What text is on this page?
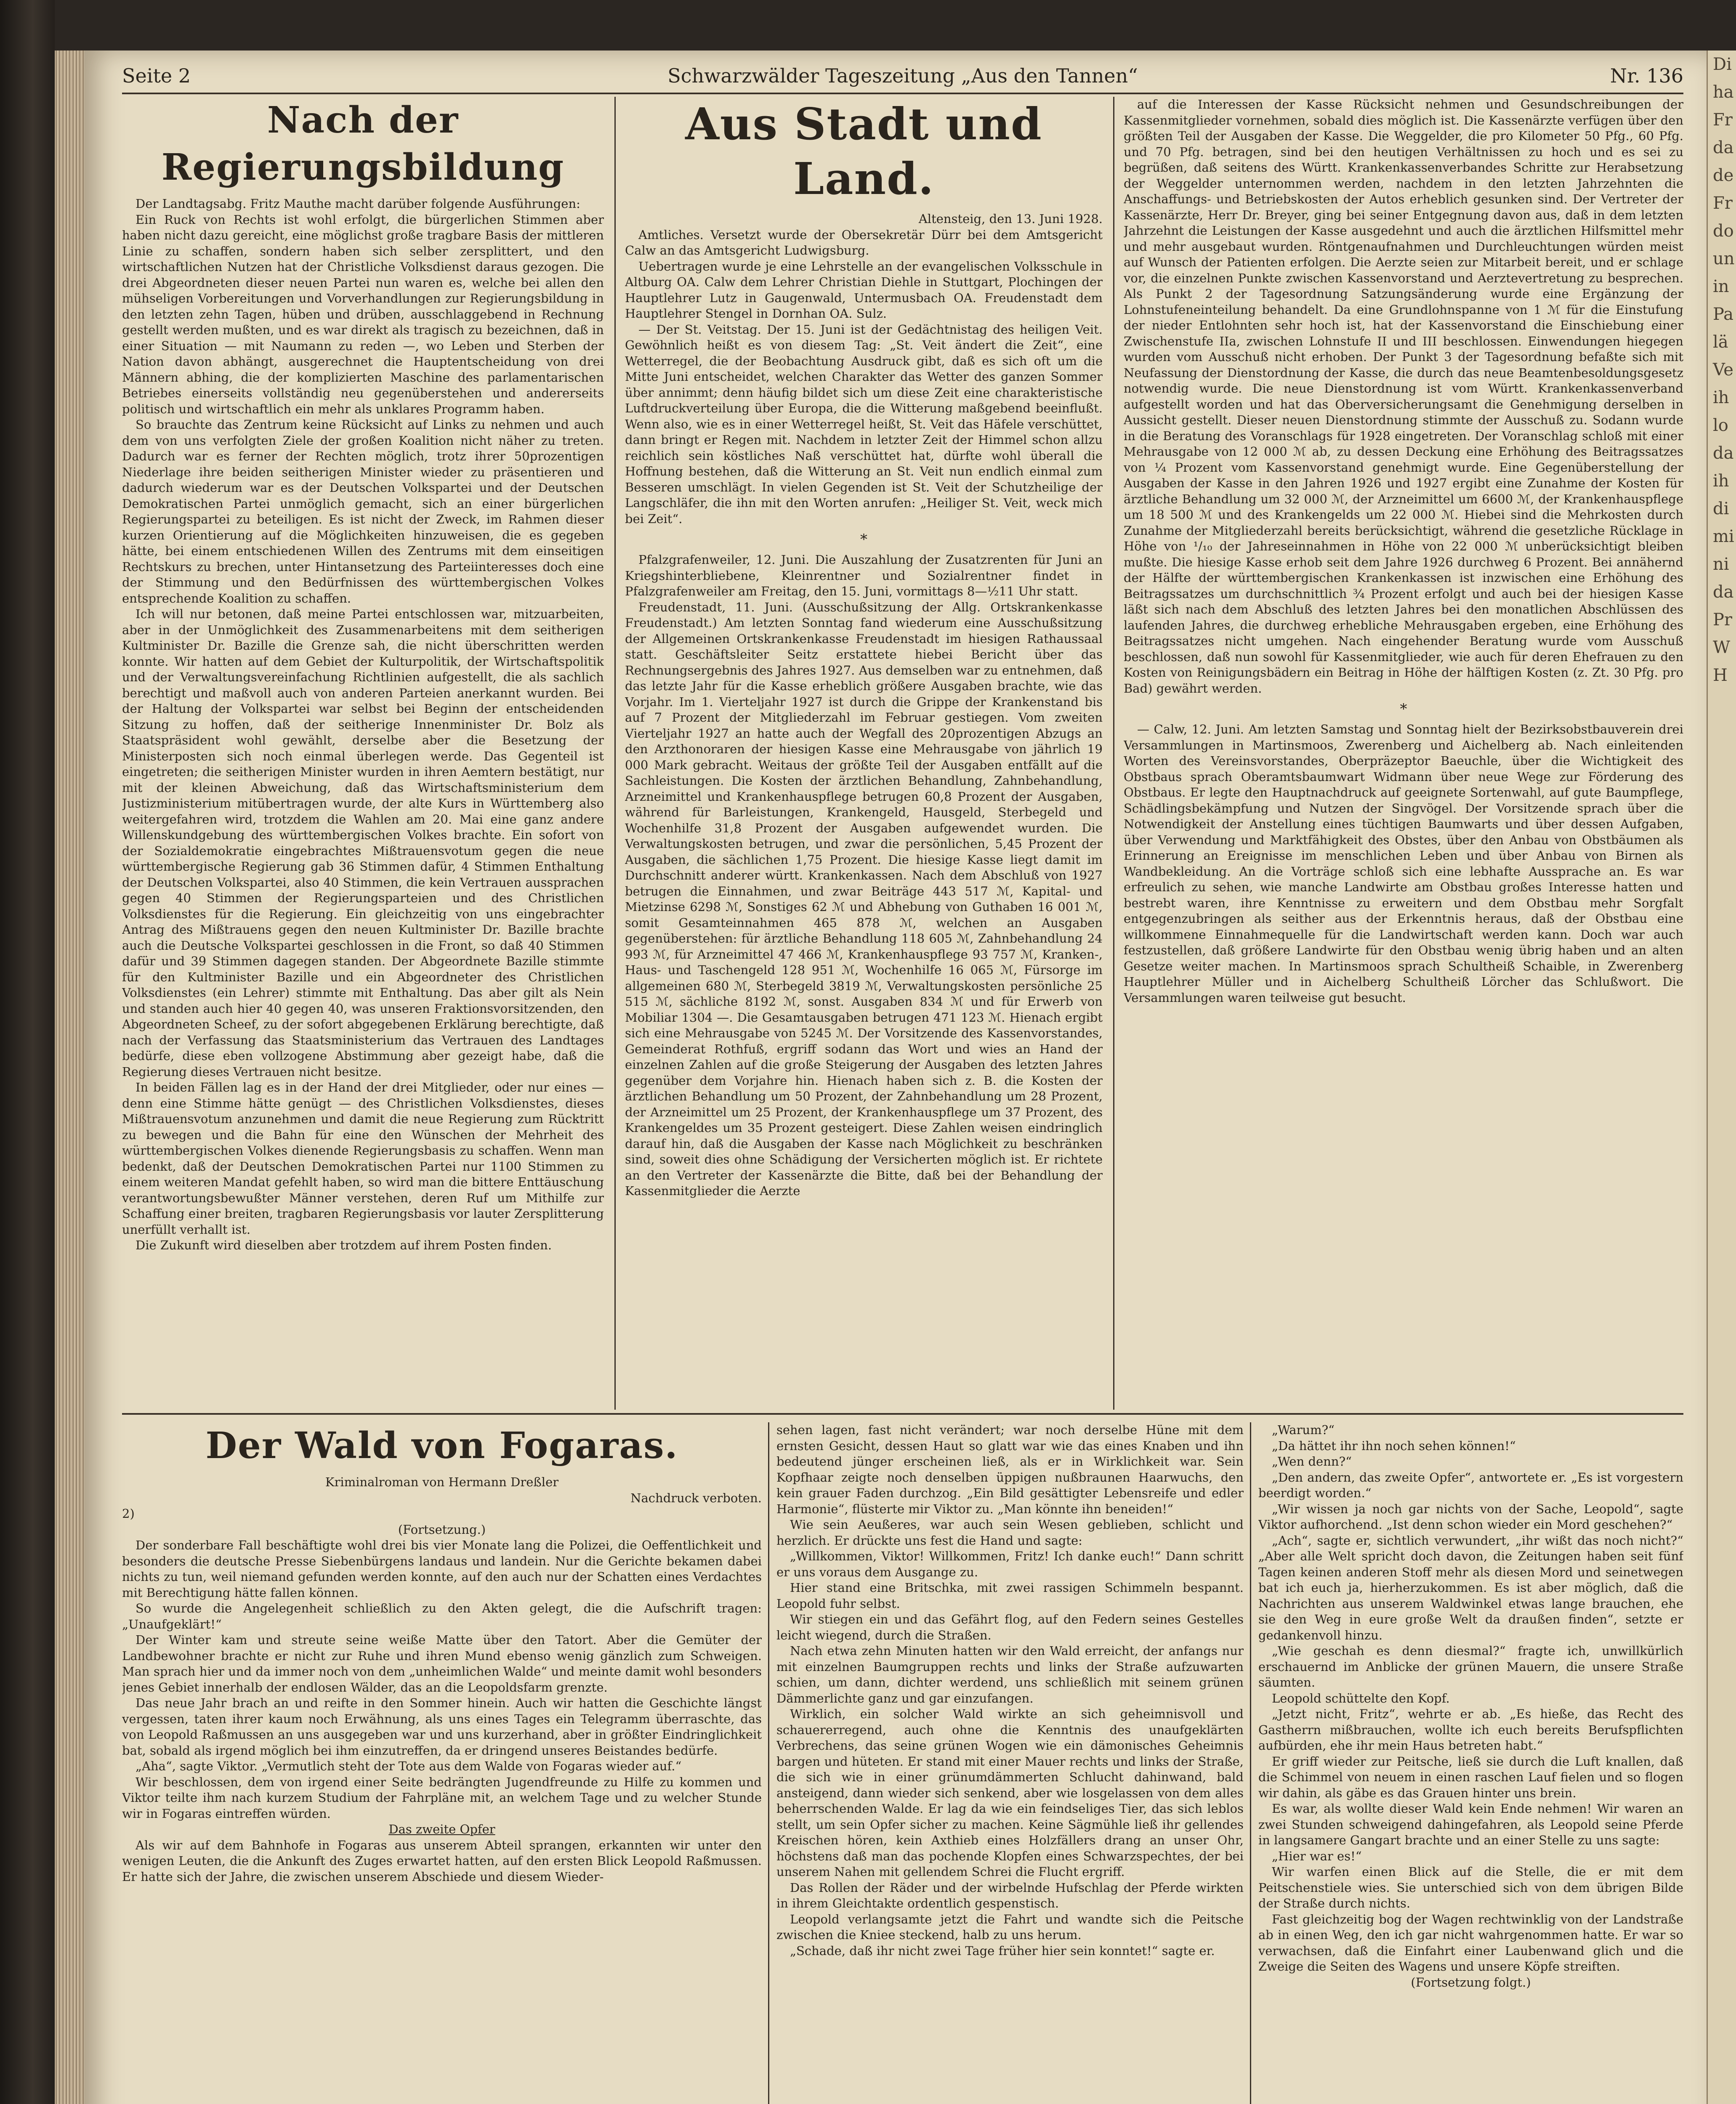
Seite 2	Schwarzwälder Tageszeitung „Aus den Tannen“	Nr. 136
Nach der Regierungsbildung

Der Landtagsabg. Fritz Mauthe macht darüber folgende Ausführungen:

Ein Ruck von Rechts ist wohl erfolgt, die bürgerlichen Stimmen aber haben nicht dazu gereicht, eine möglichst große tragbare Basis der mittleren Linie zu schaffen, sondern haben sich selber zersplittert, und den wirtschaftlichen Nutzen hat der Christliche Volksdienst daraus gezogen. Die drei Abgeordneten dieser neuen Partei nun waren es, welche bei allen den mühseligen Vorbereitungen und Vorverhandlungen zur Regierungsbildung in den letzten zehn Tagen, hüben und drüben, ausschlaggebend in Rechnung gestellt werden mußten, und es war direkt als tragisch zu bezeichnen, daß in einer Situation — mit Naumann zu reden —, wo Leben und Sterben der Nation davon abhängt, ausgerechnet die Hauptentscheidung von drei Männern abhing, die der komplizierten Maschine des parlamentarischen Betriebes einerseits vollständig neu gegenüberstehen und andererseits politisch und wirtschaftlich ein mehr als unklares Programm haben.

So brauchte das Zentrum keine Rücksicht auf Links zu nehmen und auch dem von uns verfolgten Ziele der großen Koalition nicht näher zu treten. Dadurch war es ferner der Rechten möglich, trotz ihrer 50prozentigen Niederlage ihre beiden seitherigen Minister wieder zu präsentieren und dadurch wiederum war es der Deutschen Volkspartei und der Deutschen Demokratischen Partei unmöglich gemacht, sich an einer bürgerlichen Regierungspartei zu beteiligen. Es ist nicht der Zweck, im Rahmen dieser kurzen Orientierung auf die Möglichkeiten hinzuweisen, die es gegeben hätte, bei einem entschiedenen Willen des Zentrums mit dem einseitigen Rechtskurs zu brechen, unter Hintansetzung des Parteiinteresses doch eine der Stimmung und den Bedürfnissen des württembergischen Volkes entsprechende Koalition zu schaffen.

Ich will nur betonen, daß meine Partei entschlossen war, mitzuarbeiten, aber in der Unmöglichkeit des Zusammenarbeitens mit dem seitherigen Kultminister Dr. Bazille die Grenze sah, die nicht überschritten werden konnte. Wir hatten auf dem Gebiet der Kulturpolitik, der Wirtschaftspolitik und der Verwaltungsvereinfachung Richtlinien aufgestellt, die als sachlich berechtigt und maßvoll auch von anderen Parteien anerkannt wurden. Bei der Haltung der Volkspartei war selbst bei Beginn der entscheidenden Sitzung zu hoffen, daß der seitherige Innenminister Dr. Bolz als Staatspräsident wohl gewählt, derselbe aber die Besetzung der Ministerposten sich noch einmal überlegen werde. Das Gegenteil ist eingetreten; die seitherigen Minister wurden in ihren Aemtern bestätigt, nur mit der kleinen Abweichung, daß das Wirtschaftsministerium dem Justizministerium mitübertragen wurde, der alte Kurs in Württemberg also weitergefahren wird, trotzdem die Wahlen am 20. Mai eine ganz andere Willenskundgebung des württembergischen Volkes brachte. Ein sofort von der Sozialdemokratie eingebrachtes Mißtrauensvotum gegen die neue württembergische Regierung gab 36 Stimmen dafür, 4 Stimmen Enthaltung der Deutschen Volkspartei, also 40 Stimmen, die kein Vertrauen aussprachen gegen 40 Stimmen der Regierungsparteien und des Christlichen Volksdienstes für die Regierung. Ein gleichzeitig von uns eingebrachter Antrag des Mißtrauens gegen den neuen Kultminister Dr. Bazille brachte auch die Deutsche Volkspartei geschlossen in die Front, so daß 40 Stimmen dafür und 39 Stimmen dagegen standen. Der Abgeordnete Bazille stimmte für den Kultminister Bazille und ein Abgeordneter des Christlichen Volksdienstes (ein Lehrer) stimmte mit Enthaltung. Das aber gilt als Nein und standen auch hier 40 gegen 40, was unseren Fraktionsvorsitzenden, den Abgeordneten Scheef, zu der sofort abgegebenen Erklärung berechtigte, daß nach der Verfassung das Staatsministerium das Vertrauen des Landtages bedürfe, diese eben vollzogene Abstimmung aber gezeigt habe, daß die Regierung dieses Vertrauen nicht besitze.

In beiden Fällen lag es in der Hand der drei Mitglieder, oder nur eines — denn eine Stimme hätte genügt — des Christlichen Volksdienstes, dieses Mißtrauensvotum anzunehmen und damit die neue Regierung zum Rücktritt zu bewegen und die Bahn für eine den Wünschen der Mehrheit des württembergischen Volkes dienende Regierungsbasis zu schaffen. Wenn man bedenkt, daß der Deutschen Demokratischen Partei nur 1100 Stimmen zu einem weiteren Mandat gefehlt haben, so wird man die bittere Enttäuschung verantwortungsbewußter Männer verstehen, deren Ruf um Mithilfe zur Schaffung einer breiten, tragbaren Regierungsbasis vor lauter Zersplitterung unerfüllt verhallt ist.

Die Zukunft wird dieselben aber trotzdem auf ihrem Posten finden.

Aus Stadt und Land.

Altensteig, den 13. Juni 1928.

Amtliches. Versetzt wurde der Obersekretär Dürr bei dem Amtsgericht Calw an das Amtsgericht Ludwigsburg.

Uebertragen wurde je eine Lehrstelle an der evangelischen Volksschule in Altburg OA. Calw dem Lehrer Christian Diehle in Stuttgart, Plochingen der Hauptlehrer Lutz in Gaugenwald, Untermusbach OA. Freudenstadt dem Hauptlehrer Stengel in Dornhan OA. Sulz.

— Der St. Veitstag. Der 15. Juni ist der Gedächtnistag des heiligen Veit. Gewöhnlich heißt es von diesem Tag: „St. Veit ändert die Zeit“, eine Wetterregel, die der Beobachtung Ausdruck gibt, daß es sich oft um die Mitte Juni entscheidet, welchen Charakter das Wetter des ganzen Sommer über annimmt; denn häufig bildet sich um diese Zeit eine charakteristische Luftdruckverteilung über Europa, die die Witterung maßgebend beeinflußt. Wenn also, wie es in einer Wetterregel heißt, St. Veit das Häfele verschüttet, dann bringt er Regen mit. Nachdem in letzter Zeit der Himmel schon allzu reichlich sein köstliches Naß verschüttet hat, dürfte wohl überall die Hoffnung bestehen, daß die Witterung an St. Veit nun endlich einmal zum Besseren umschlägt. In vielen Gegenden ist St. Veit der Schutzheilige der Langschläfer, die ihn mit den Worten anrufen: „Heiliger St. Veit, weck mich bei Zeit“.

*

Pfalzgrafenweiler, 12. Juni. Die Auszahlung der Zusatzrenten für Juni an Kriegshinterbliebene, Kleinrentner und Sozialrentner findet in Pfalzgrafenweiler am Freitag, den 15. Juni, vormittags 8—½11 Uhr statt.

Freudenstadt, 11. Juni. (Ausschußsitzung der Allg. Ortskrankenkasse Freudenstadt.) Am letzten Sonntag fand wiederum eine Ausschußsitzung der Allgemeinen Ortskrankenkasse Freudenstadt im hiesigen Rathaussaal statt. Geschäftsleiter Seitz erstattete hiebei Bericht über das Rechnungsergebnis des Jahres 1927. Aus demselben war zu entnehmen, daß das letzte Jahr für die Kasse erheblich größere Ausgaben brachte, wie das Vorjahr. Im 1. Vierteljahr 1927 ist durch die Grippe der Krankenstand bis auf 7 Prozent der Mitgliederzahl im Februar gestiegen. Vom zweiten Vierteljahr 1927 an hatte auch der Wegfall des 20prozentigen Abzugs an den Arzthonoraren der hiesigen Kasse eine Mehrausgabe von jährlich 19 000 Mark gebracht. Weitaus der größte Teil der Ausgaben entfällt auf die Sachleistungen. Die Kosten der ärztlichen Behandlung, Zahnbehandlung, Arzneimittel und Krankenhauspflege betrugen 60,8 Prozent der Ausgaben, während für Barleistungen, Krankengeld, Hausgeld, Sterbegeld und Wochenhilfe 31,8 Prozent der Ausgaben aufgewendet wurden. Die Verwaltungskosten betrugen, und zwar die persönlichen, 5,45 Prozent der Ausgaben, die sächlichen 1,75 Prozent. Die hiesige Kasse liegt damit im Durchschnitt anderer württ. Krankenkassen. Nach dem Abschluß von 1927 betrugen die Einnahmen, und zwar Beiträge 443 517 ℳ, Kapital- und Mietzinse 6298 ℳ, Sonstiges 62 ℳ und Abhebung von Guthaben 16 001 ℳ, somit Gesamteinnahmen 465 878 ℳ, welchen an Ausgaben gegenüberstehen: für ärztliche Behandlung 118 605 ℳ, Zahnbehandlung 24 993 ℳ, für Arzneimittel 47 466 ℳ, Krankenhauspflege 93 757 ℳ, Kranken-, Haus- und Taschengeld 128 951 ℳ, Wochenhilfe 16 065 ℳ, Fürsorge im allgemeinen 680 ℳ, Sterbegeld 3819 ℳ, Verwaltungskosten persönliche 25 515 ℳ, sächliche 8192 ℳ, sonst. Ausgaben 834 ℳ und für Erwerb von Mobiliar 1304 —. Die Gesamtausgaben betrugen 471 123 ℳ. Hienach ergibt sich eine Mehrausgabe von 5245 ℳ. Der Vorsitzende des Kassenvorstandes, Gemeinderat Rothfuß, ergriff sodann das Wort und wies an Hand der einzelnen Zahlen auf die große Steigerung der Ausgaben des letzten Jahres gegenüber dem Vorjahre hin. Hienach haben sich z. B. die Kosten der ärztlichen Behandlung um 50 Prozent, der Zahnbehandlung um 28 Prozent, der Arzneimittel um 25 Prozent, der Krankenhauspflege um 37 Prozent, des Krankengeldes um 35 Prozent gesteigert. Diese Zahlen weisen eindringlich darauf hin, daß die Ausgaben der Kasse nach Möglichkeit zu beschränken sind, soweit dies ohne Schädigung der Versicherten möglich ist. Er richtete an den Vertreter der Kassenärzte die Bitte, daß bei der Behandlung der Kassenmitglieder die Aerzte

auf die Interessen der Kasse Rücksicht nehmen und Gesundschreibungen der Kassenmitglieder vornehmen, sobald dies möglich ist. Die Kassenärzte verfügen über den größten Teil der Ausgaben der Kasse. Die Weggelder, die pro Kilometer 50 Pfg., 60 Pfg. und 70 Pfg. betragen, sind bei den heutigen Verhältnissen zu hoch und es sei zu begrüßen, daß seitens des Württ. Krankenkassenverbandes Schritte zur Herabsetzung der Weggelder unternommen werden, nachdem in den letzten Jahrzehnten die Anschaffungs- und Betriebskosten der Autos erheblich gesunken sind. Der Vertreter der Kassenärzte, Herr Dr. Breyer, ging bei seiner Entgegnung davon aus, daß in dem letzten Jahrzehnt die Leistungen der Kasse ausgedehnt und auch die ärztlichen Hilfsmittel mehr und mehr ausgebaut wurden. Röntgenaufnahmen und Durchleuchtungen würden meist auf Wunsch der Patienten erfolgen. Die Aerzte seien zur Mitarbeit bereit, und er schlage vor, die einzelnen Punkte zwischen Kassenvorstand und Aerztevertretung zu besprechen. Als Punkt 2 der Tagesordnung Satzungsänderung wurde eine Ergänzung der Lohnstufeneinteilung behandelt. Da eine Grundlohnspanne von 1 ℳ für die Einstufung der nieder Entlohnten sehr hoch ist, hat der Kassenvorstand die Einschiebung einer Zwischenstufe IIa, zwischen Lohnstufe II und III beschlossen. Einwendungen hiegegen wurden vom Ausschuß nicht erhoben. Der Punkt 3 der Tagesordnung befaßte sich mit Neufassung der Dienstordnung der Kasse, die durch das neue Beamtenbesoldungsgesetz notwendig wurde. Die neue Dienstordnung ist vom Württ. Krankenkassenverband aufgestellt worden und hat das Oberversicherungsamt die Genehmigung derselben in Aussicht gestellt. Dieser neuen Dienstordnung stimmte der Ausschuß zu. Sodann wurde in die Beratung des Voranschlags für 1928 eingetreten. Der Voranschlag schloß mit einer Mehrausgabe von 12 000 ℳ ab, zu dessen Deckung eine Erhöhung des Beitragssatzes von ¼ Prozent vom Kassenvorstand genehmigt wurde. Eine Gegenüberstellung der Ausgaben der Kasse in den Jahren 1926 und 1927 ergibt eine Zunahme der Kosten für ärztliche Behandlung um 32 000 ℳ, der Arzneimittel um 6600 ℳ, der Krankenhauspflege um 18 500 ℳ und des Krankengelds um 22 000 ℳ. Hiebei sind die Mehrkosten durch Zunahme der Mitgliederzahl bereits berücksichtigt, während die gesetzliche Rücklage in Höhe von ¹/₁₀ der Jahreseinnahmen in Höhe von 22 000 ℳ unberücksichtigt bleiben mußte. Die hiesige Kasse erhob seit dem Jahre 1926 durchweg 6 Prozent. Bei annähernd der Hälfte der württembergischen Krankenkassen ist inzwischen eine Erhöhung des Beitragssatzes um durchschnittlich ¾ Prozent erfolgt und auch bei der hiesigen Kasse läßt sich nach dem Abschluß des letzten Jahres bei den monatlichen Abschlüssen des laufenden Jahres, die durchweg erhebliche Mehrausgaben ergeben, eine Erhöhung des Beitragssatzes nicht umgehen. Nach eingehender Beratung wurde vom Ausschuß beschlossen, daß nun sowohl für Kassenmitglieder, wie auch für deren Ehefrauen zu den Kosten von Reinigungsbädern ein Beitrag in Höhe der hälftigen Kosten (z. Zt. 30 Pfg. pro Bad) gewährt werden.

*

— Calw, 12. Juni. Am letzten Samstag und Sonntag hielt der Bezirksobstbauverein drei Versammlungen in Martinsmoos, Zwerenberg und Aichelberg ab. Nach einleitenden Worten des Vereinsvorstandes, Oberpräzeptor Baeuchle, über die Wichtigkeit des Obstbaus sprach Oberamtsbaumwart Widmann über neue Wege zur Förderung des Obstbaus. Er legte den Hauptnachdruck auf geeignete Sortenwahl, auf gute Baumpflege, Schädlingsbekämpfung und Nutzen der Singvögel. Der Vorsitzende sprach über die Notwendigkeit der Anstellung eines tüchtigen Baumwarts und über dessen Aufgaben, über Verwendung und Marktfähigkeit des Obstes, über den Anbau von Obstbäumen als Erinnerung an Ereignisse im menschlichen Leben und über Anbau von Birnen als Wandbekleidung. An die Vorträge schloß sich eine lebhafte Aussprache an. Es war erfreulich zu sehen, wie manche Landwirte am Obstbau großes Interesse hatten und bestrebt waren, ihre Kenntnisse zu erweitern und dem Obstbau mehr Sorgfalt entgegenzubringen als seither aus der Erkenntnis heraus, daß der Obstbau eine willkommene Einnahmequelle für die Landwirtschaft werden kann. Doch war auch festzustellen, daß größere Landwirte für den Obstbau wenig übrig haben und an alten Gesetze weiter machen. In Martinsmoos sprach Schultheiß Schaible, in Zwerenberg Hauptlehrer Müller und in Aichelberg Schultheiß Lörcher das Schlußwort. Die Versammlungen waren teilweise gut besucht.

Der Wald von Fogaras.

Kriminalroman von Hermann Dreßler

Nachdruck verboten.

2)

(Fortsetzung.)

Der sonderbare Fall beschäftigte wohl drei bis vier Monate lang die Polizei, die Oeffentlichkeit und besonders die deutsche Presse Siebenbürgens landaus und landein. Nur die Gerichte bekamen dabei nichts zu tun, weil niemand gefunden werden konnte, auf den auch nur der Schatten eines Verdachtes mit Berechtigung hätte fallen können.

So wurde die Angelegenheit schließlich zu den Akten gelegt, die die Aufschrift tragen: „Unaufgeklärt!“

Der Winter kam und streute seine weiße Matte über den Tatort. Aber die Gemüter der Landbewohner brachte er nicht zur Ruhe und ihren Mund ebenso wenig gänzlich zum Schweigen. Man sprach hier und da immer noch von dem „unheimlichen Walde“ und meinte damit wohl besonders jenes Gebiet innerhalb der endlosen Wälder, das an die Leopoldsfarm grenzte.

Das neue Jahr brach an und reifte in den Sommer hinein. Auch wir hatten die Geschichte längst vergessen, taten ihrer kaum noch Erwähnung, als uns eines Tages ein Telegramm überraschte, das von Leopold Raßmussen an uns ausgegeben war und uns kurzerhand, aber in größter Eindringlichkeit bat, sobald als irgend möglich bei ihm einzutreffen, da er dringend unseres Beistandes bedürfe.

„Aha“, sagte Viktor. „Vermutlich steht der Tote aus dem Walde von Fogaras wieder auf.“

Wir beschlossen, dem von irgend einer Seite bedrängten Jugendfreunde zu Hilfe zu kommen und Viktor teilte ihm nach kurzem Studium der Fahrpläne mit, an welchem Tage und zu welcher Stunde wir in Fogaras eintreffen würden.

Das zweite Opfer

Als wir auf dem Bahnhofe in Fogaras aus unserem Abteil sprangen, erkannten wir unter den wenigen Leuten, die die Ankunft des Zuges erwartet hatten, auf den ersten Blick Leopold Raßmussen. Er hatte sich der Jahre, die zwischen unserem Abschiede und diesem Wieder-

sehen lagen, fast nicht verändert; war noch derselbe Hüne mit dem ernsten Gesicht, dessen Haut so glatt war wie das eines Knaben und ihn bedeutend jünger erscheinen ließ, als er in Wirklichkeit war. Sein Kopfhaar zeigte noch denselben üppigen nußbraunen Haarwuchs, den kein grauer Faden durchzog. „Ein Bild gesättigter Lebensreife und edler Harmonie“, flüsterte mir Viktor zu. „Man könnte ihn beneiden!“

Wie sein Aeußeres, war auch sein Wesen geblieben, schlicht und herzlich. Er drückte uns fest die Hand und sagte:

„Willkommen, Viktor! Willkommen, Fritz! Ich danke euch!“ Dann schritt er uns voraus dem Ausgange zu.

Hier stand eine Britschka, mit zwei rassigen Schimmeln bespannt. Leopold fuhr selbst.

Wir stiegen ein und das Gefährt flog, auf den Federn seines Gestelles leicht wiegend, durch die Straßen.

Nach etwa zehn Minuten hatten wir den Wald erreicht, der anfangs nur mit einzelnen Baumgruppen rechts und links der Straße aufzuwarten schien, um dann, dichter werdend, uns schließlich mit seinem grünen Dämmerlichte ganz und gar einzufangen.

Wirklich, ein solcher Wald wirkte an sich geheimnisvoll und schauererregend, auch ohne die Kenntnis des unaufgeklärten Verbrechens, das seine grünen Wogen wie ein dämonisches Geheimnis bargen und hüteten. Er stand mit einer Mauer rechts und links der Straße, die sich wie in einer grünumdämmerten Schlucht dahinwand, bald ansteigend, dann wieder sich senkend, aber wie losgelassen von dem alles beherrschenden Walde. Er lag da wie ein feindseliges Tier, das sich leblos stellt, um sein Opfer sicher zu machen. Keine Sägmühle ließ ihr gellendes Kreischen hören, kein Axthieb eines Holzfällers drang an unser Ohr, höchstens daß man das pochende Klopfen eines Schwarzspechtes, der bei unserem Nahen mit gellendem Schrei die Flucht ergriff.

Das Rollen der Räder und der wirbelnde Hufschlag der Pferde wirkten in ihrem Gleichtakte ordentlich gespenstisch.

Leopold verlangsamte jetzt die Fahrt und wandte sich die Peitsche zwischen die Kniee steckend, halb zu uns herum.

„Schade, daß ihr nicht zwei Tage früher hier sein konntet!“ sagte er.

„Warum?“

„Da hättet ihr ihn noch sehen können!“

„Wen denn?“

„Den andern, das zweite Opfer“, antwortete er. „Es ist vorgestern beerdigt worden.“

„Wir wissen ja noch gar nichts von der Sache, Leopold“, sagte Viktor aufhorchend. „Ist denn schon wieder ein Mord geschehen?“

„Ach“, sagte er, sichtlich verwundert, „ihr wißt das noch nicht?“ „Aber alle Welt spricht doch davon, die Zeitungen haben seit fünf Tagen keinen anderen Stoff mehr als diesen Mord und seinetwegen bat ich euch ja, hierherzukommen. Es ist aber möglich, daß die Nachrichten aus unserem Waldwinkel etwas lange brauchen, ehe sie den Weg in eure große Welt da draußen finden“, setzte er gedankenvoll hinzu.

„Wie geschah es denn diesmal?“ fragte ich, unwillkürlich erschauernd im Anblicke der grünen Mauern, die unsere Straße säumten.

Leopold schüttelte den Kopf.

„Jetzt nicht, Fritz“, wehrte er ab. „Es hieße, das Recht des Gastherrn mißbrauchen, wollte ich euch bereits Berufspflichten aufbürden, ehe ihr mein Haus betreten habt.“

Er griff wieder zur Peitsche, ließ sie durch die Luft knallen, daß die Schimmel von neuem in einen raschen Lauf fielen und so flogen wir dahin, als gäbe es das Grauen hinter uns brein.

Es war, als wollte dieser Wald kein Ende nehmen! Wir waren an zwei Stunden schweigend dahingefahren, als Leopold seine Pferde in langsamere Gangart brachte und an einer Stelle zu uns sagte:

„Hier war es!“

Wir warfen einen Blick auf die Stelle, die er mit dem Peitschenstiele wies. Sie unterschied sich von dem übrigen Bilde der Straße durch nichts.

Fast gleichzeitig bog der Wagen rechtwinklig von der Landstraße ab in einen Weg, den ich gar nicht wahrgenommen hatte. Er war so verwachsen, daß die Einfahrt einer Laubenwand glich und die Zweige die Seiten des Wagens und unsere Köpfe streiften.

(Fortsetzung folgt.)

Di
ha
Fr
da
de
Fr
do
un
in
Pa
lä
Ve
ih
lo
da
ih
di
mi
ni
da
Pr
W
H
